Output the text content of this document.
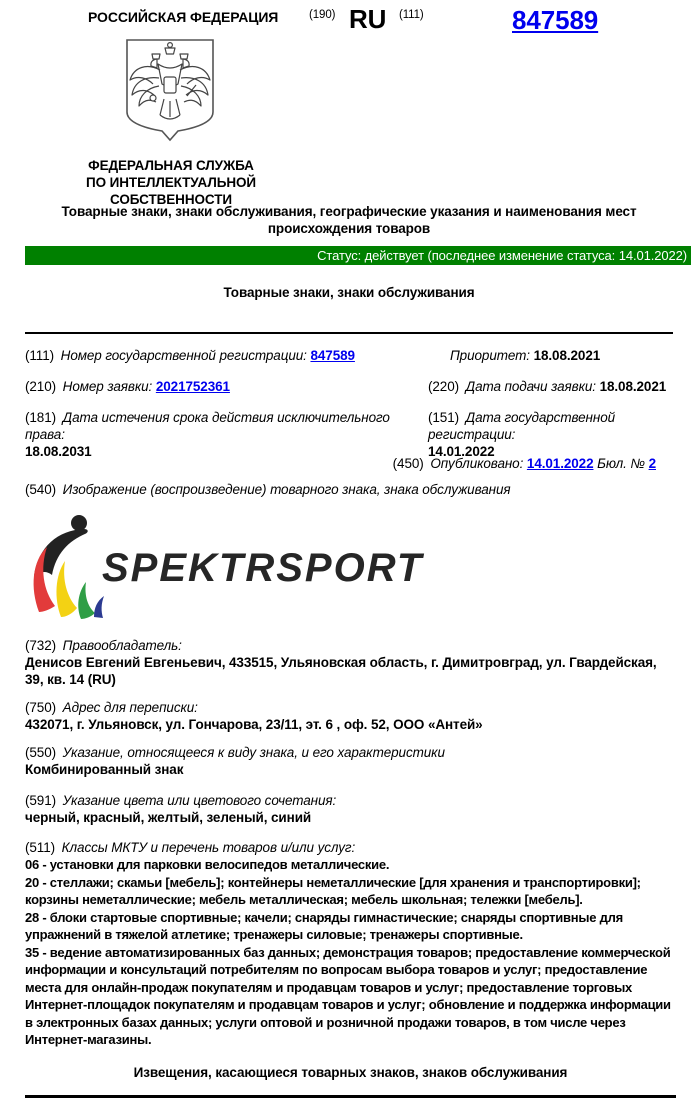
РОССИЙСКАЯ ФЕДЕРАЦИЯ	(190) RU (111)	847589
ФЕДЕРАЛЬНАЯ СЛУЖБА
ПО ИНТЕЛЛЕКТУАЛЬНОЙ СОБСТВЕННОСТИ
Товарные знаки, знаки обслуживания, географические указания и наименования мест происхождения товаров
Статус: действует (последнее изменение статуса: 14.01.2022)
Товарные знаки, знаки обслуживания
(111) Номер государственной регистрации: 847589	Приоритет: 18.08.2021
(210) Номер заявки: 2021752361	(220) Дата подачи заявки: 18.08.2021
(181) Дата истечения срока действия исключительного права:
18.08.2031
(151) Дата государственной регистрации:
14.01.2022
(450) Опубликовано: 14.01.2022 Бюл. № 2
(540) Изображение (воспроизведение) товарного знака, знака обслуживания
SPEKTRSPORT
(732) Правообладатель:
Денисов Евгений Евгеньевич, 433515, Ульяновская область, г. Димитровград, ул. Гвардейская, 39, кв. 14 (RU)
(750) Адрес для переписки:
432071, г. Ульяновск, ул. Гончарова, 23/11, эт. 6 , оф. 52, ООО «Антей»
(550) Указание, относящееся к виду знака, и его характеристики
Комбинированный знак
(591) Указание цвета или цветового сочетания:
черный, красный, желтый, зеленый, синий
(511) Классы МКТУ и перечень товаров и/или услуг:

06 - установки для парковки велосипедов металлические.

20 - стеллажи; скамьи [мебель]; контейнеры неметаллические [для хранения и транспортировки]; корзины неметаллические; мебель металлическая; мебель школьная; тележки [мебель].

28 - блоки стартовые спортивные; качели; снаряды гимнастические; снаряды спортивные для упражнений в тяжелой атлетике; тренажеры силовые; тренажеры спортивные.

35 - ведение автоматизированных баз данных; демонстрация товаров; предоставление коммерческой информации и консультаций потребителям по вопросам выбора товаров и услуг; предоставление места для онлайн-продаж покупателям и продавцам товаров и услуг; предоставление торговых Интернет-площадок покупателям и продавцам товаров и услуг; обновление и поддержка информации в электронных базах данных; услуги оптовой и розничной продажи товаров, в том числе через Интернет-магазины.

Извещения, касающиеся товарных знаков, знаков обслуживания
